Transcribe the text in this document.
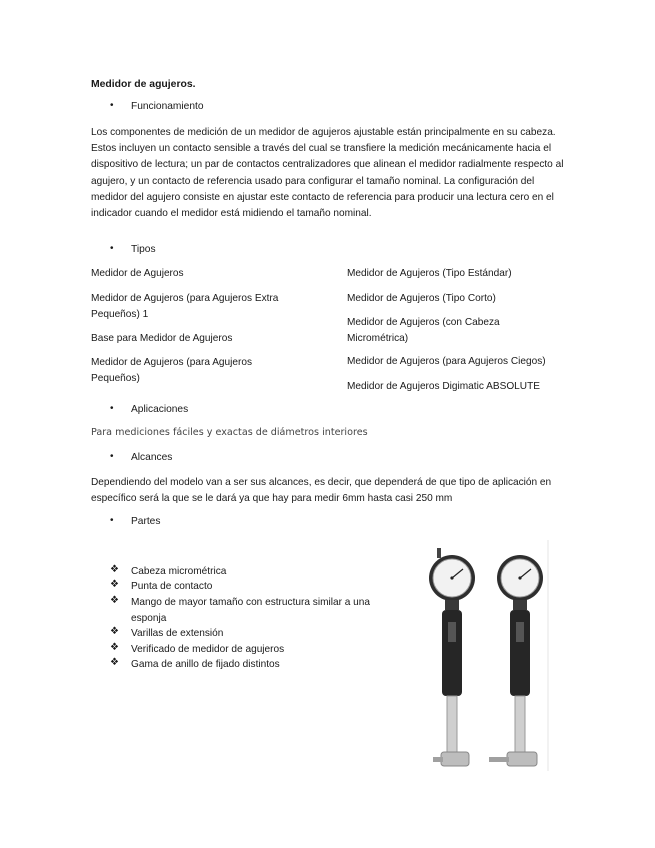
Medidor de agujeros.
• Funcionamiento
Los componentes de medición de un medidor de agujeros ajustable están principalmente en su cabeza. Estos incluyen un contacto sensible a través del cual se transfiere la medición mecánicamente hacia el dispositivo de lectura; un par de contactos centralizadores que alinean el medidor radialmente respecto al agujero, y un contacto de referencia usado para configurar el tamaño nominal. La configuración del medidor del agujero consiste en ajustar este contacto de referencia para producir una lectura cero en el indicador cuando el medidor está midiendo el tamaño nominal.
• Tipos
Medidor de Agujeros
Medidor de Agujeros (para Agujeros Extra Pequeños) 1
Base para Medidor de Agujeros
Medidor de Agujeros (para Agujeros Pequeños)
Medidor de Agujeros (Tipo Estándar)
Medidor de Agujeros (Tipo Corto)
Medidor de Agujeros (con Cabeza Micrométrica)
Medidor de Agujeros (para Agujeros Ciegos)
Medidor de Agujeros Digimatic ABSOLUTE
• Aplicaciones
Para mediciones fáciles y exactas de diámetros interiores
• Alcances
Dependiendo del modelo van a ser sus alcances, es decir, que dependerá de que tipo de aplicación en específico será la que se le dará ya que hay para medir 6mm hasta casi 250 mm
• Partes
❖ Cabeza micrométrica
❖ Punta de contacto
❖ Mango de mayor tamaño con estructura similar a una esponja
❖ Varillas de extensión
❖ Verificado de medidor de agujeros
❖ Gama de anillo de fijado distintos
